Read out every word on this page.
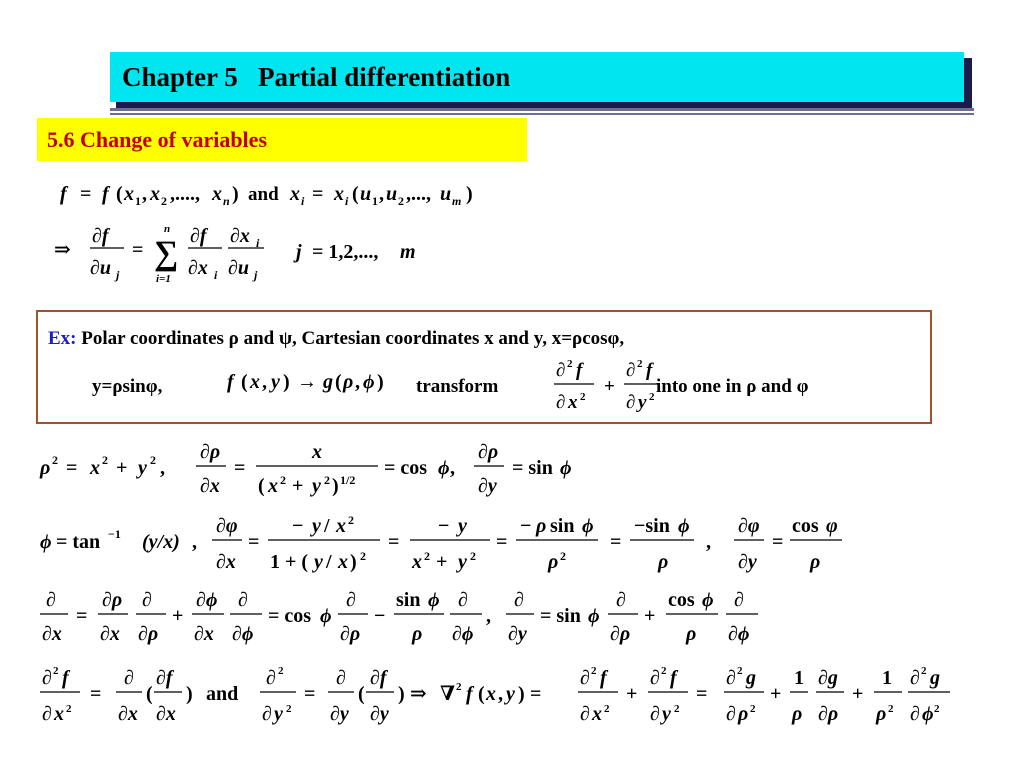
Chapter 5   Partial differentiation
5.6 Change of variables
f = f ( x 1 , x 2 ,...., x n ) and x i = x i ( u 1 , u 2 ,..., u m )
⇒
∂f
∂u j
= ∑
n
i=1
∂f
∂x i
∂x i
∂u j
j = 1,2,..., m
Ex: Polar coordinates ρ and ψ, Cartesian coordinates x and y, x=ρcosφ,
y=ρsinφ,	f ( x , y ) → g ( ρ , ϕ ) transform
∂ 2 f
∂ x 2 +
∂ 2 f
∂ y 2 into one in ρ and φ
ρ 2 = x 2 + y 2 ,
∂ρ
∂x
=
x
( x 2 + y 2 ) 1/2
= cos ϕ ,
∂ρ
∂y
= sin ϕ
ϕ = tan −1 (y/x) ,
∂φ
∂x
=
− y / x 2
1 + ( y / x ) 2
=
− y
x 2 + y 2
=
− ρ sin ϕ
ρ 2
=
−sin ϕ
ρ
,
∂φ
∂y
=
cos φ
ρ
∂
∂x
=
∂ρ
∂x
∂
∂ρ
+
∂ϕ
∂x
∂
∂ϕ
= cos ϕ
∂
∂ρ
−
sin ϕ
ρ
∂
∂ϕ
,
∂
∂y
= sin ϕ
∂
∂ρ
+
cos ϕ
ρ
∂
∂ϕ
∂ 2 f
∂ x 2
=
∂
∂x
(
∂f
∂x
) and
∂ 2
∂ y 2
=
∂
∂y
(
∂f
∂y
) ⇒ ∇ 2 f ( x , y ) =
∂ 2 f
∂ x 2
+
∂ 2 f
∂ y 2
=
∂ 2 g
∂ ρ 2
+
1
ρ
∂g
∂ρ
+
1
ρ 2
∂ 2 g
∂ ϕ 2
